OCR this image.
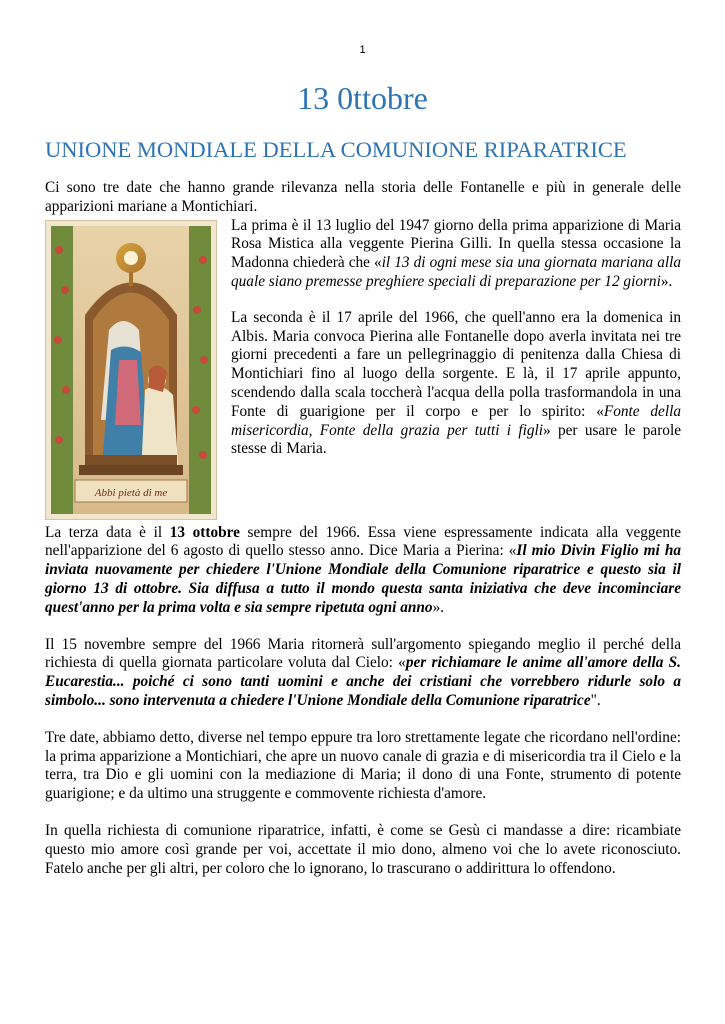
1
13 0ttobre
UNIONE MONDIALE DELLA COMUNIONE RIPARATRICE

Ci sono tre date che hanno grande rilevanza nella storia delle Fontanelle e più in generale delle apparizioni mariane a Montichiari.

Abbi pietà di me

La prima è il 13 luglio del 1947 giorno della prima apparizione di Maria Rosa Mistica alla veggente Pierina Gilli. In quella stessa occasione la Madonna chiederà che «il 13 di ogni mese sia una giornata mariana alla quale siano premesse preghiere speciali di preparazione per 12 giorni».

La seconda è il 17 aprile del 1966, che quell'anno era la domenica in Albis. Maria convoca Pierina alle Fontanelle dopo averla invitata nei tre giorni precedenti a fare un pellegrinaggio di penitenza dalla Chiesa di Montichiari fino al luogo della sorgente. E là, il 17 aprile appunto, scendendo dalla scala toccherà l'acqua della polla trasformandola in una Fonte di guarigione per il corpo e per lo spirito: «Fonte della misericordia, Fonte della grazia per tutti i figli» per usare le parole stesse di Maria.

La terza data è il 13 ottobre sempre del 1966. Essa viene espressamente indicata alla veggente nell'apparizione del 6 agosto di quello stesso anno. Dice Maria a Pierina: «Il mio Divin Figlio mi ha inviata nuovamente per chiedere l'Unione Mondiale della Comunione riparatrice e questo sia il giorno 13 di ottobre. Sia diffusa a tutto il mondo questa santa iniziativa che deve incominciare quest'anno per la prima volta e sia sempre ripetuta ogni anno».

Il 15 novembre sempre del 1966 Maria ritornerà sull'argomento spiegando meglio il perché della richiesta di quella giornata particolare voluta dal Cielo: «per richiamare le anime all'amore della S. Eucarestia... poiché ci sono tanti uomini e anche dei cristiani che vorrebbero ridurle solo a simbolo... sono intervenuta a chiedere l'Unione Mondiale della Comunione riparatrice".

Tre date, abbiamo detto, diverse nel tempo eppure tra loro strettamente legate che ricordano nell'ordine: la prima apparizione a Montichiari, che apre un nuovo canale di grazia e di misericordia tra il Cielo e la terra, tra Dio e gli uomini con la mediazione di Maria; il dono di una Fonte, strumento di potente guarigione; e da ultimo una struggente e commovente richiesta d'amore.

In quella richiesta di comunione riparatrice, infatti, è come se Gesù ci mandasse a dire: ricambiate questo mio amore così grande per voi, accettate il mio dono, almeno voi che lo avete riconosciuto. Fatelo anche per gli altri, per coloro che lo ignorano, lo trascurano o addirittura lo offendono.
